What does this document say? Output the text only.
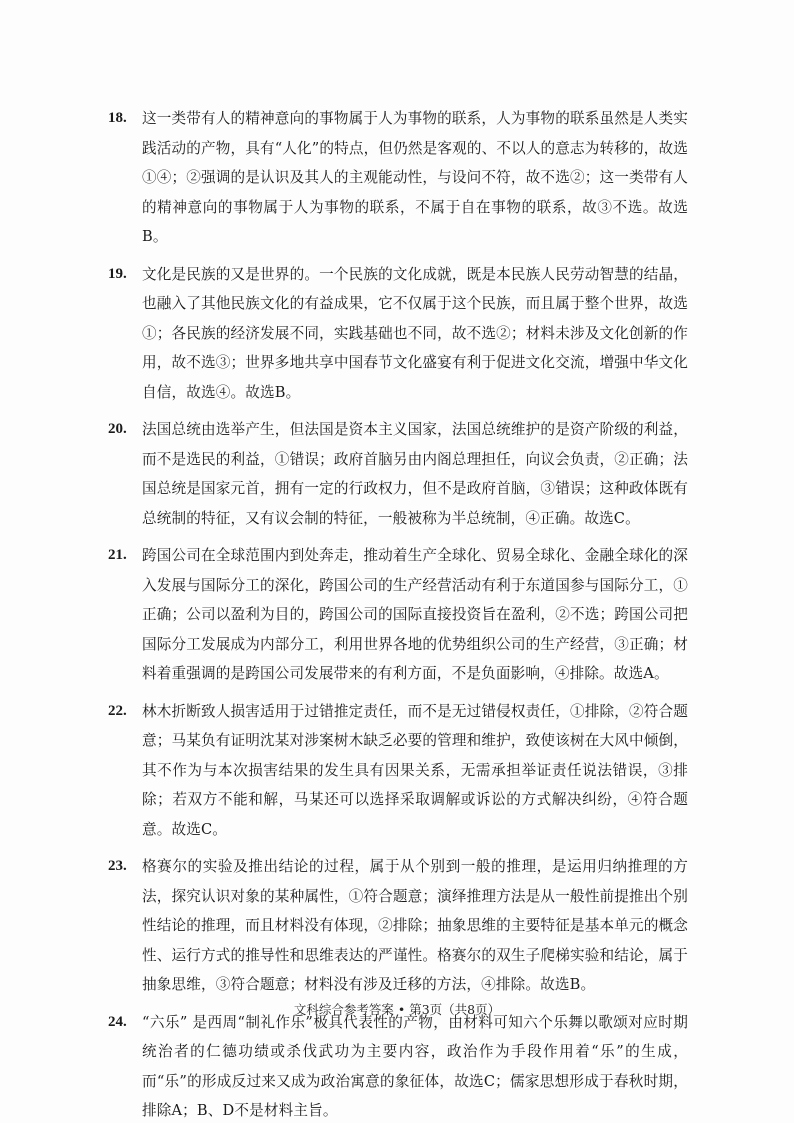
18. 这一类带有人的精神意向的事物属于人为事物的联系，人为事物的联系虽然是人类实践活动的产物，具有“人化”的特点，但仍然是客观的、不以人的意志为转移的，故选①④；②强调的是认识及其人的主观能动性，与设问不符，故不选②；这一类带有人的精神意向的事物属于人为事物的联系，不属于自在事物的联系，故③不选。故选B。
19. 文化是民族的又是世界的。一个民族的文化成就，既是本民族人民劳动智慧的结晶，也融入了其他民族文化的有益成果，它不仅属于这个民族，而且属于整个世界，故选①；各民族的经济发展不同，实践基础也不同，故不选②；材料未涉及文化创新的作用，故不选③；世界多地共享中国春节文化盛宴有利于促进文化交流，增强中华文化自信，故选④。故选B。
20. 法国总统由选举产生，但法国是资本主义国家，法国总统维护的是资产阶级的利益，而不是选民的利益，①错误；政府首脑另由内阁总理担任，向议会负责，②正确；法国总统是国家元首，拥有一定的行政权力，但不是政府首脑，③错误；这种政体既有总统制的特征，又有议会制的特征，一般被称为半总统制，④正确。故选C。
21. 跨国公司在全球范围内到处奔走，推动着生产全球化、贸易全球化、金融全球化的深入发展与国际分工的深化，跨国公司的生产经营活动有利于东道国参与国际分工，①正确；公司以盈利为目的，跨国公司的国际直接投资旨在盈利，②不选；跨国公司把国际分工发展成为内部分工，利用世界各地的优势组织公司的生产经营，③正确；材料着重强调的是跨国公司发展带来的有利方面，不是负面影响，④排除。故选A。
22. 林木折断致人损害适用于过错推定责任，而不是无过错侵权责任，①排除，②符合题意；马某负有证明沈某对涉案树木缺乏必要的管理和维护，致使该树在大风中倾倒，其不作为与本次损害结果的发生具有因果关系，无需承担举证责任说法错误，③排除；若双方不能和解，马某还可以选择采取调解或诉讼的方式解决纠纷，④符合题意。故选C。
23. 格赛尔的实验及推出结论的过程，属于从个别到一般的推理，是运用归纳推理的方法，探究认识对象的某种属性，①符合题意；演绎推理方法是从一般性前提推出个别性结论的推理，而且材料没有体现，②排除；抽象思维的主要特征是基本单元的概念性、运行方式的推导性和思维表达的严谨性。格赛尔的双生子爬梯实验和结论，属于抽象思维，③符合题意；材料没有涉及迁移的方法，④排除。故选B。
24. “六乐” 是西周“制礼作乐”极具代表性的产物，由材料可知六个乐舞以歌颂对应时期统治者的仁德功绩或杀伐武功为主要内容，政治作为手段作用着“乐”的生成， 而“乐”的形成反过来又成为政治寓意的象征体，故选C；儒家思想形成于春秋时期，排除A；B、D不是材料主旨。
文科综合参考答案 • 第3页（共8页）
